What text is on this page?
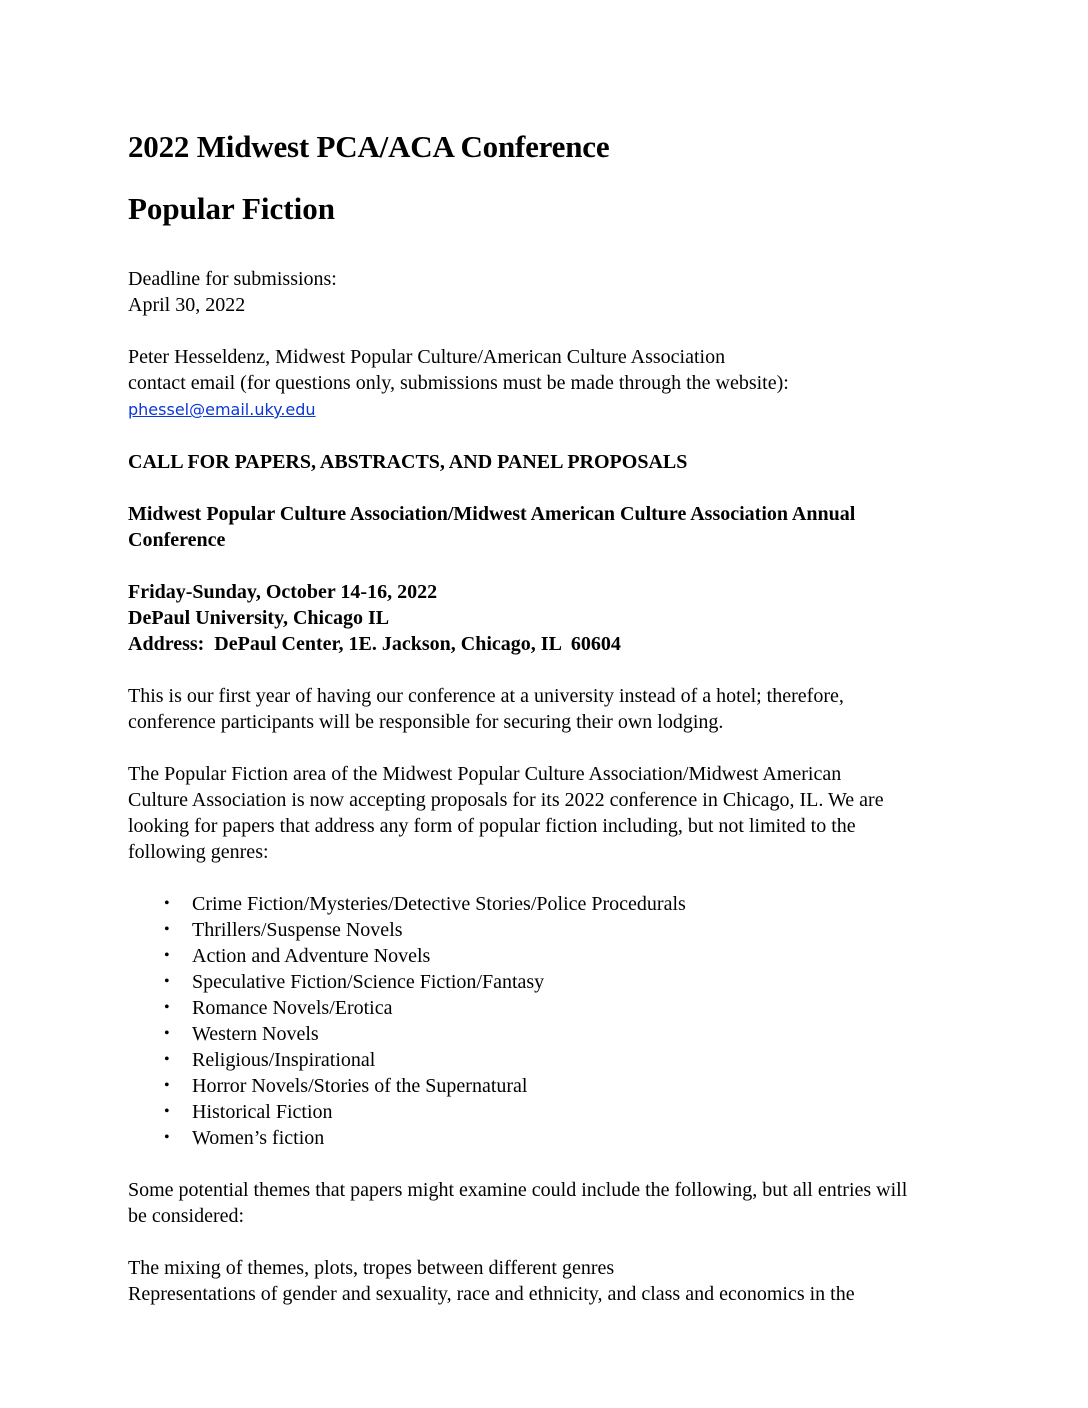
2022 Midwest PCA/ACA Conference
Popular Fiction
Deadline for submissions:
April 30, 2022
Peter Hesseldenz, Midwest Popular Culture/American Culture Association
contact email (for questions only, submissions must be made through the website):
phessel@email.uky.edu
CALL FOR PAPERS, ABSTRACTS, AND PANEL PROPOSALS
Midwest Popular Culture Association/Midwest American Culture Association Annual
Conference
Friday-Sunday, October 14-16, 2022
DePaul University, Chicago IL
Address:  DePaul Center, 1E. Jackson, Chicago, IL  60604
This is our first year of having our conference at a university instead of a hotel; therefore,
conference participants will be responsible for securing their own lodging.
The Popular Fiction area of the Midwest Popular Culture Association/Midwest American
Culture Association is now accepting proposals for its 2022 conference in Chicago, IL. We are
looking for papers that address any form of popular fiction including, but not limited to the
following genres:
• Crime Fiction/Mysteries/Detective Stories/Police Procedurals
• Thrillers/Suspense Novels
• Action and Adventure Novels
• Speculative Fiction/Science Fiction/Fantasy
• Romance Novels/Erotica
• Western Novels
• Religious/Inspirational
• Horror Novels/Stories of the Supernatural
• Historical Fiction
• Women’s fiction
Some potential themes that papers might examine could include the following, but all entries will
be considered:
The mixing of themes, plots, tropes between different genres
Representations of gender and sexuality, race and ethnicity, and class and economics in the
